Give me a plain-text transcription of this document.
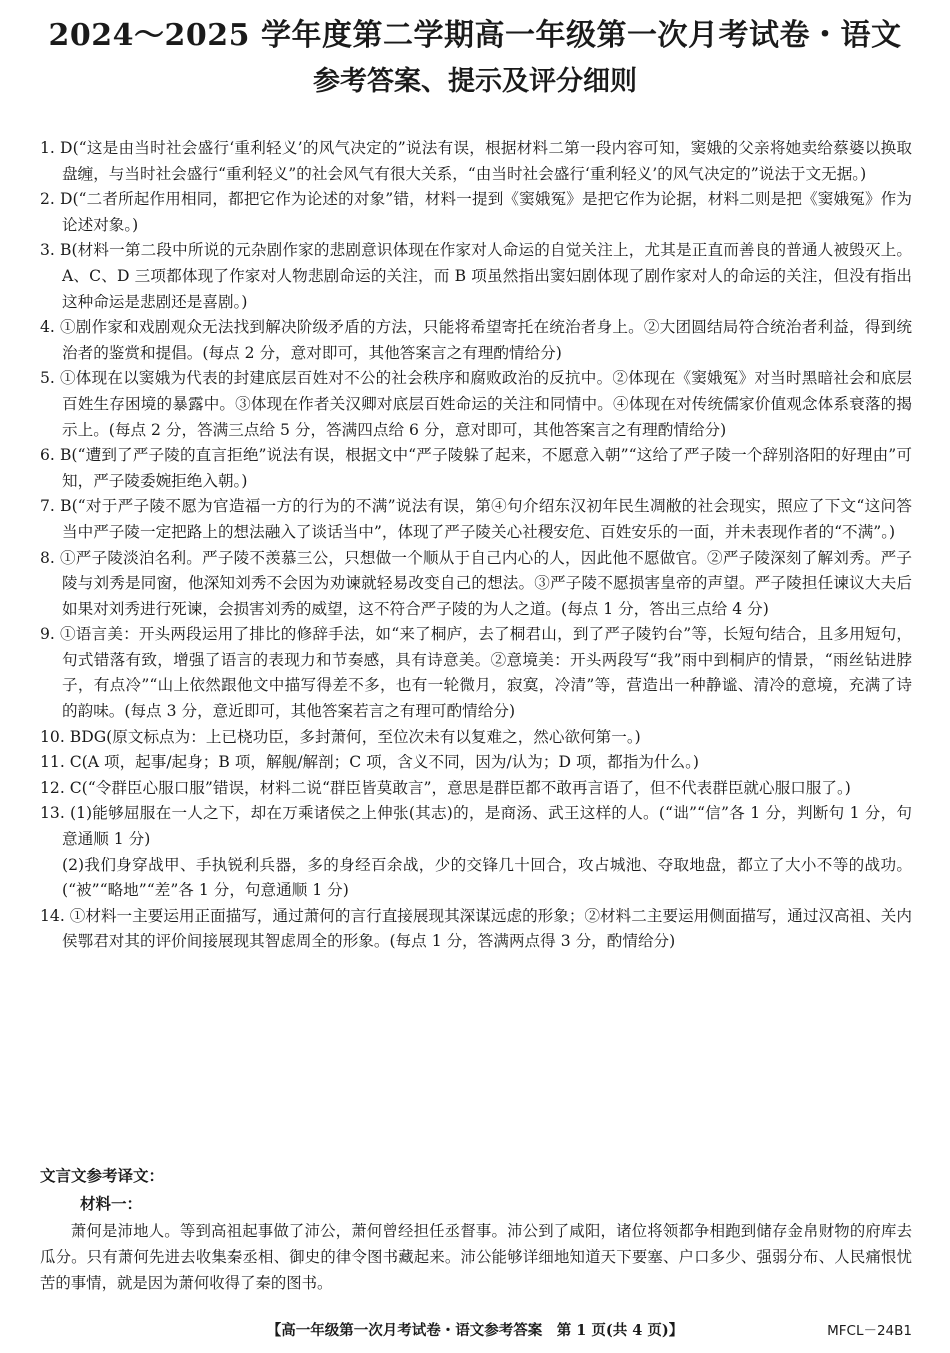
2024～2025 学年度第二学期高一年级第一次月考试卷・语文
参考答案、提示及评分细则

1. D(“这是由当时社会盛行‘重利轻义’的风气决定的”说法有误，根据材料二第一段内容可知，窦娥的父亲将她卖给蔡婆以换取盘缠，与当时社会盛行“重利轻义”的社会风气有很大关系，“由当时社会盛行‘重利轻义’的风气决定的”说法于文无据。)

2. D(“二者所起作用相同，都把它作为论述的对象”错，材料一提到《窦娥冤》是把它作为论据，材料二则是把《窦娥冤》作为论述对象。)

3. B(材料一第二段中所说的元杂剧作家的悲剧意识体现在作家对人命运的自觉关注上，尤其是正直而善良的普通人被毁灭上。A、C、D 三项都体现了作家对人物悲剧命运的关注，而 B 项虽然指出窦妇剧体现了剧作家对人的命运的关注，但没有指出这种命运是悲剧还是喜剧。)

4. ①剧作家和戏剧观众无法找到解决阶级矛盾的方法，只能将希望寄托在统治者身上。②大团圆结局符合统治者利益，得到统治者的鉴赏和提倡。(每点 2 分，意对即可，其他答案言之有理酌情给分)

5. ①体现在以窦娥为代表的封建底层百姓对不公的社会秩序和腐败政治的反抗中。②体现在《窦娥冤》对当时黑暗社会和底层百姓生存困境的暴露中。③体现在作者关汉卿对底层百姓命运的关注和同情中。④体现在对传统儒家价值观念体系衰落的揭示上。(每点 2 分，答满三点给 5 分，答满四点给 6 分，意对即可，其他答案言之有理酌情给分)

6. B(“遭到了严子陵的直言拒绝”说法有误，根据文中“严子陵躲了起来，不愿意入朝”“这给了严子陵一个辞别洛阳的好理由”可知，严子陵委婉拒绝入朝。)

7. B(“对于严子陵不愿为官造福一方的行为的不满”说法有误，第④句介绍东汉初年民生凋敝的社会现实，照应了下文“这问答当中严子陵一定把路上的想法融入了谈话当中”，体现了严子陵关心社稷安危、百姓安乐的一面，并未表现作者的“不满”。)

8. ①严子陵淡泊名利。严子陵不羡慕三公，只想做一个顺从于自己内心的人，因此他不愿做官。②严子陵深刻了解刘秀。严子陵与刘秀是同窗，他深知刘秀不会因为劝谏就轻易改变自己的想法。③严子陵不愿损害皇帝的声望。严子陵担任谏议大夫后如果对刘秀进行死谏，会损害刘秀的威望，这不符合严子陵的为人之道。(每点 1 分，答出三点给 4 分)

9. ①语言美：开头两段运用了排比的修辞手法，如“来了桐庐，去了桐君山，到了严子陵钓台”等，长短句结合，且多用短句，句式错落有致，增强了语言的表现力和节奏感，具有诗意美。②意境美：开头两段写“我”雨中到桐庐的情景，“雨丝钻进脖子，有点冷”“山上依然跟他文中描写得差不多，也有一轮微月，寂寞，冷清”等，营造出一种静谧、清冷的意境，充满了诗的韵味。(每点 3 分，意近即可，其他答案若言之有理可酌情给分)

10. BDG(原文标点为：上已桡功臣，多封萧何，至位次未有以复难之，然心欲何第一。)

11. C(A 项，起事/起身；B 项，解舰/解剖；C 项，含义不同，因为/认为；D 项，都指为什么。)

12. C(“令群臣心服口服”错误，材料二说“群臣皆莫敢言”，意思是群臣都不敢再言语了，但不代表群臣就心服口服了。)

13. (1)能够屈服在一人之下，却在万乘诸侯之上伸张(其志)的，是商汤、武王这样的人。(“诎”“信”各 1 分，判断句 1 分，句意通顺 1 分)
(2)我们身穿战甲、手执锐利兵器，多的身经百余战，少的交锋几十回合，攻占城池、夺取地盘，都立了大小不等的战功。(“被”“略地”“差”各 1 分，句意通顺 1 分)

14. ①材料一主要运用正面描写，通过萧何的言行直接展现其深谋远虑的形象；②材料二主要运用侧面描写，通过汉高祖、关内侯鄂君对其的评价间接展现其智虑周全的形象。(每点 1 分，答满两点得 3 分，酌情给分)

文言文参考译文：
材料一：

萧何是沛地人。等到高祖起事做了沛公，萧何曾经担任丞督事。沛公到了咸阳，诸位将领都争相跑到储存金帛财物的府库去瓜分。只有萧何先进去收集秦丞相、御史的律令图书藏起来。沛公能够详细地知道天下要塞、户口多少、强弱分布、人民痛恨忧苦的事情，就是因为萧何收得了秦的图书。

【高一年级第一次月考试卷・语文参考答案　第 1 页(共 4 页)】	MFCL－24B1
